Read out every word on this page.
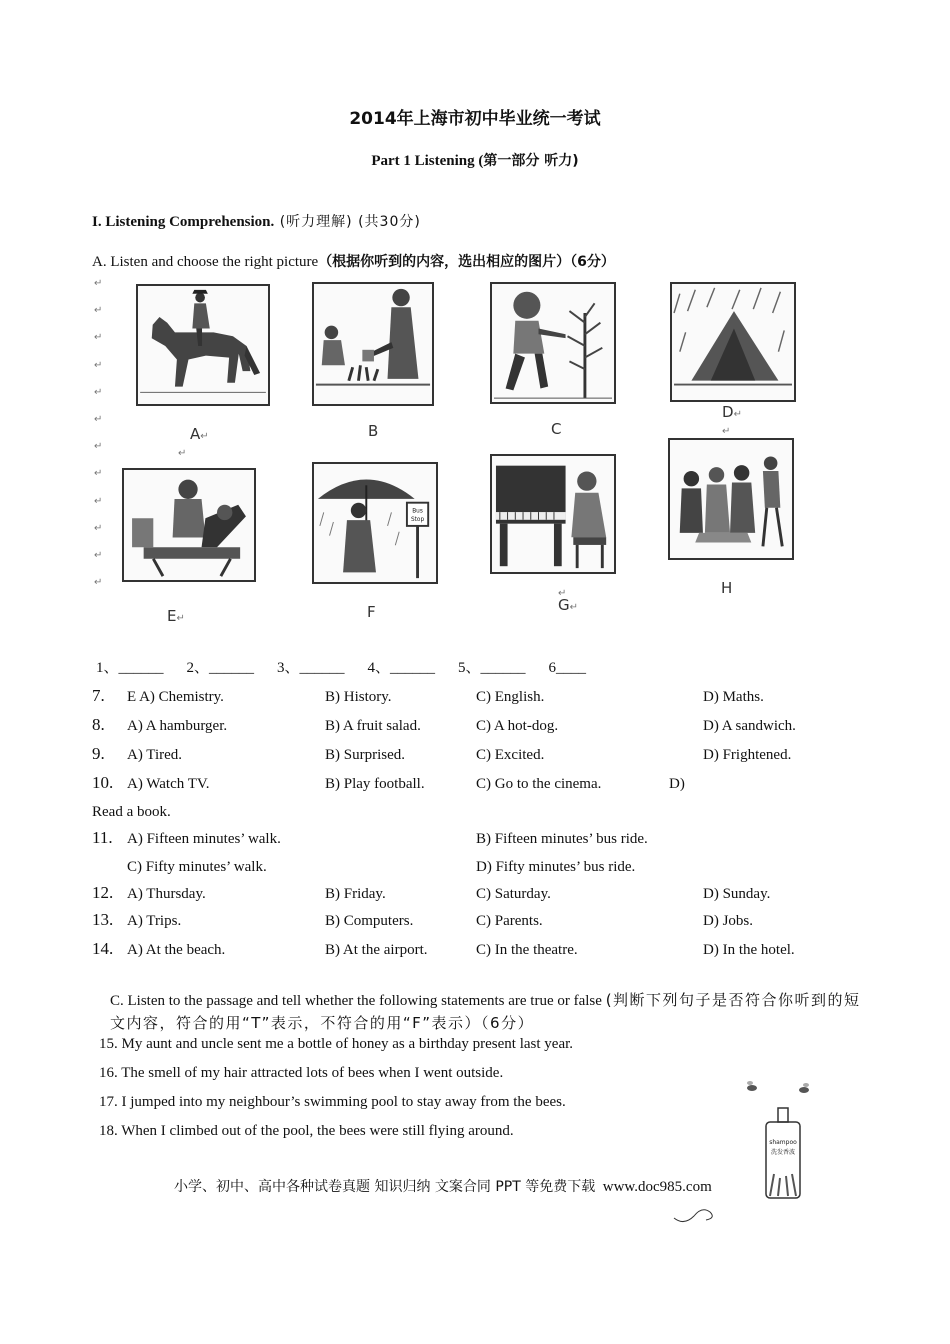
2014年上海市初中毕业统一考试
Part 1 Listening (第一部分 听力)
I. Listening Comprehension. (听力理解) (共30分)
A. Listen and choose the right picture（根据你听到的内容，选出相应的图片）（6分）
↵
↵
↵
↵
↵
↵
↵
↵
↵
↵
↵
↵
A↵
↵
B	C
D↵
↵
E↵
Bus
Stop
F
↵
G↵
H
1、______    2、______    3、______    4、______    5、______    6____
7. E A) Chemistry.	B) History.	C) English.	D) Maths.
8. A) A hamburger.	B) A fruit salad.	C) A hot-dog.	D) A sandwich.
9. A) Tired.	B) Surprised.	C) Excited.	D) Frightened.
10. A) Watch TV.	B) Play football.	C) Go to the cinema.	D)
Read a book.
11. A) Fifteen minutes’ walk.	B) Fifteen minutes’ bus ride.
C) Fifty minutes’ walk.	D) Fifty minutes’ bus ride.
12. A) Thursday.	B) Friday.	C) Saturday.	D) Sunday.
13. A) Trips.	B) Computers.	C) Parents.	D) Jobs.
14. A) At the beach.	B) At the airport.	C) In the theatre.	D) In the hotel.
C. Listen to the passage and tell whether the following statements are true or false (判断下列句子是否符合你听到的短文内容，符合的用“T”表示，不符合的用“F”表示）（6分）
15. My aunt and uncle sent me a bottle of honey as a birthday present last year.
16. The smell of my hair attracted lots of bees when I went outside.
17. I jumped into my neighbour’s swimming pool to stay away from the bees.
18. When I climbed out of the pool, the bees were still flying around.
shampoo
洗发香波
小学、初中、高中各种试卷真题 知识归纳 文案合同 PPT 等免费下载  www.doc985.com
